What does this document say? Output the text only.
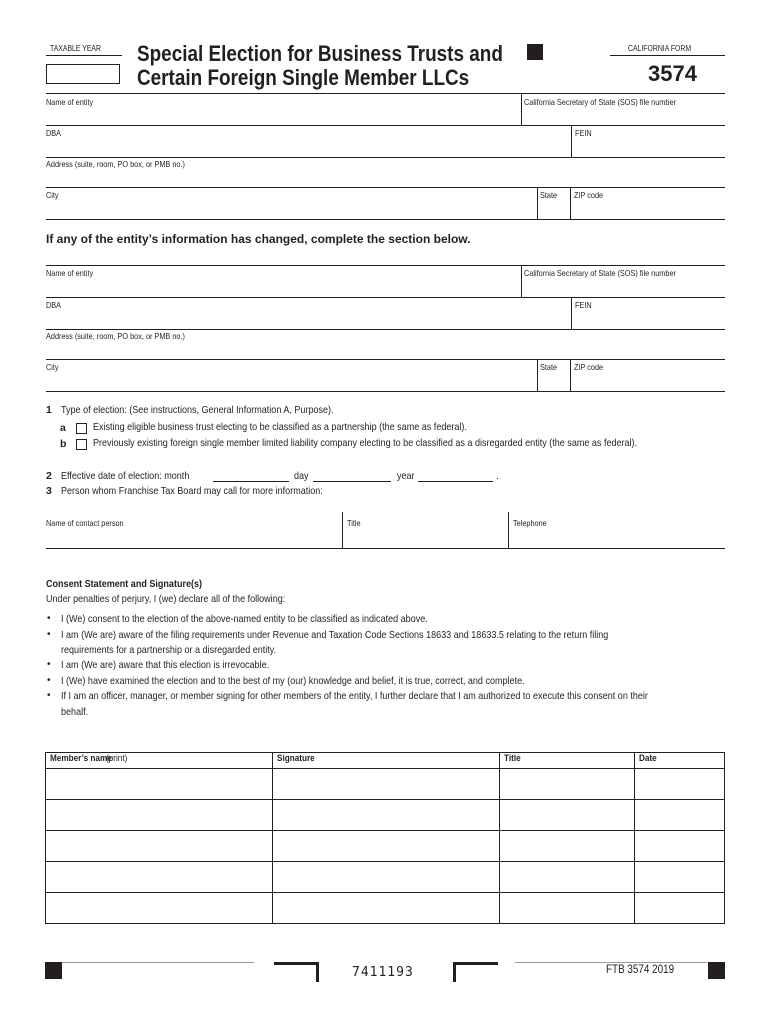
TAXABLE YEAR Special Election for Business Trusts and
Certain Foreign Single Member LLCs
CALIFORNIA FORM
3574
Name of entity	California Secretary of State (SOS) file number
DBA	FEIN
Address (suite, room, PO box, or PMB no.)
City	State ZIP code
If any of the entity’s information has changed, complete the section below.
Name of entity	California Secretary of State (SOS) file number
DBA	FEIN
Address (suite, room, PO box, or PMB no.)
City	State ZIP code
1 Type of election: (See instructions, General Information A, Purpose).
a	Existing eligible business trust electing to be classified as a partnership (the same as federal).
b	Previously existing foreign single member limited liability company electing to be classified as a disregarded entity (the same as federal).
2 Effective date of election: month	day	year	.
3 Person whom Franchise Tax Board may call for more information:
Name of contact person	Title	Telephone
Consent Statement and Signature(s)
Under penalties of perjury, I (we) declare all of the following:
• I (We) consent to the election of the above-named entity to be classified as indicated above.
• I am (We are) aware of the filing requirements under Revenue and Taxation Code Sections 18633 and 18633.5 relating to the return filing
requirements for a partnership or a disregarded entity.
• I am (We are) aware that this election is irrevocable.
• I (We) have examined the election and to the best of my (our) knowledge and belief, it is true, correct, and complete.
• If I am an officer, manager, or member signing for other members of the entity, I further declare that I am authorized to execute this consent on their
behalf.
Member’s name(print)	Signature	Title	Date

7411193	FTB 3574 2019
